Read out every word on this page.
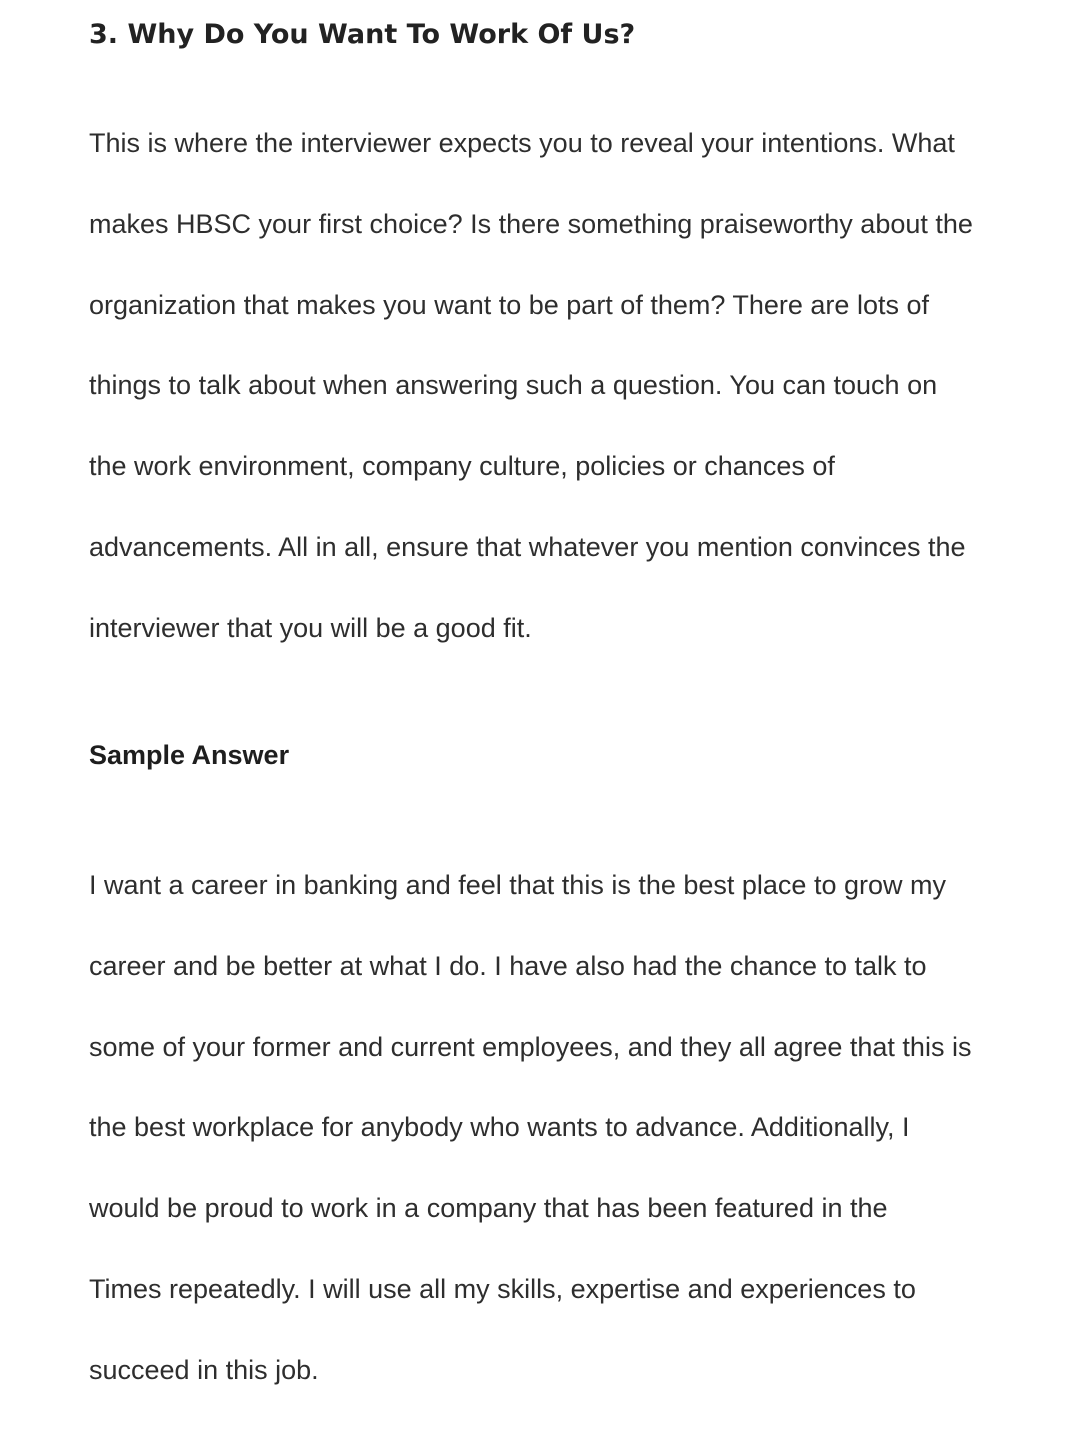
3. Why Do You Want To Work Of Us?

This is where the interviewer expects you to reveal your intentions. What
makes HBSC your first choice? Is there something praiseworthy about the
organization that makes you want to be part of them? There are lots of
things to talk about when answering such a question. You can touch on
the work environment, company culture, policies or chances of
advancements. All in all, ensure that whatever you mention convinces the
interviewer that you will be a good fit.

Sample Answer

I want a career in banking and feel that this is the best place to grow my
career and be better at what I do. I have also had the chance to talk to
some of your former and current employees, and they all agree that this is
the best workplace for anybody who wants to advance. Additionally, I
would be proud to work in a company that has been featured in the
Times repeatedly. I will use all my skills, expertise and experiences to
succeed in this job.
